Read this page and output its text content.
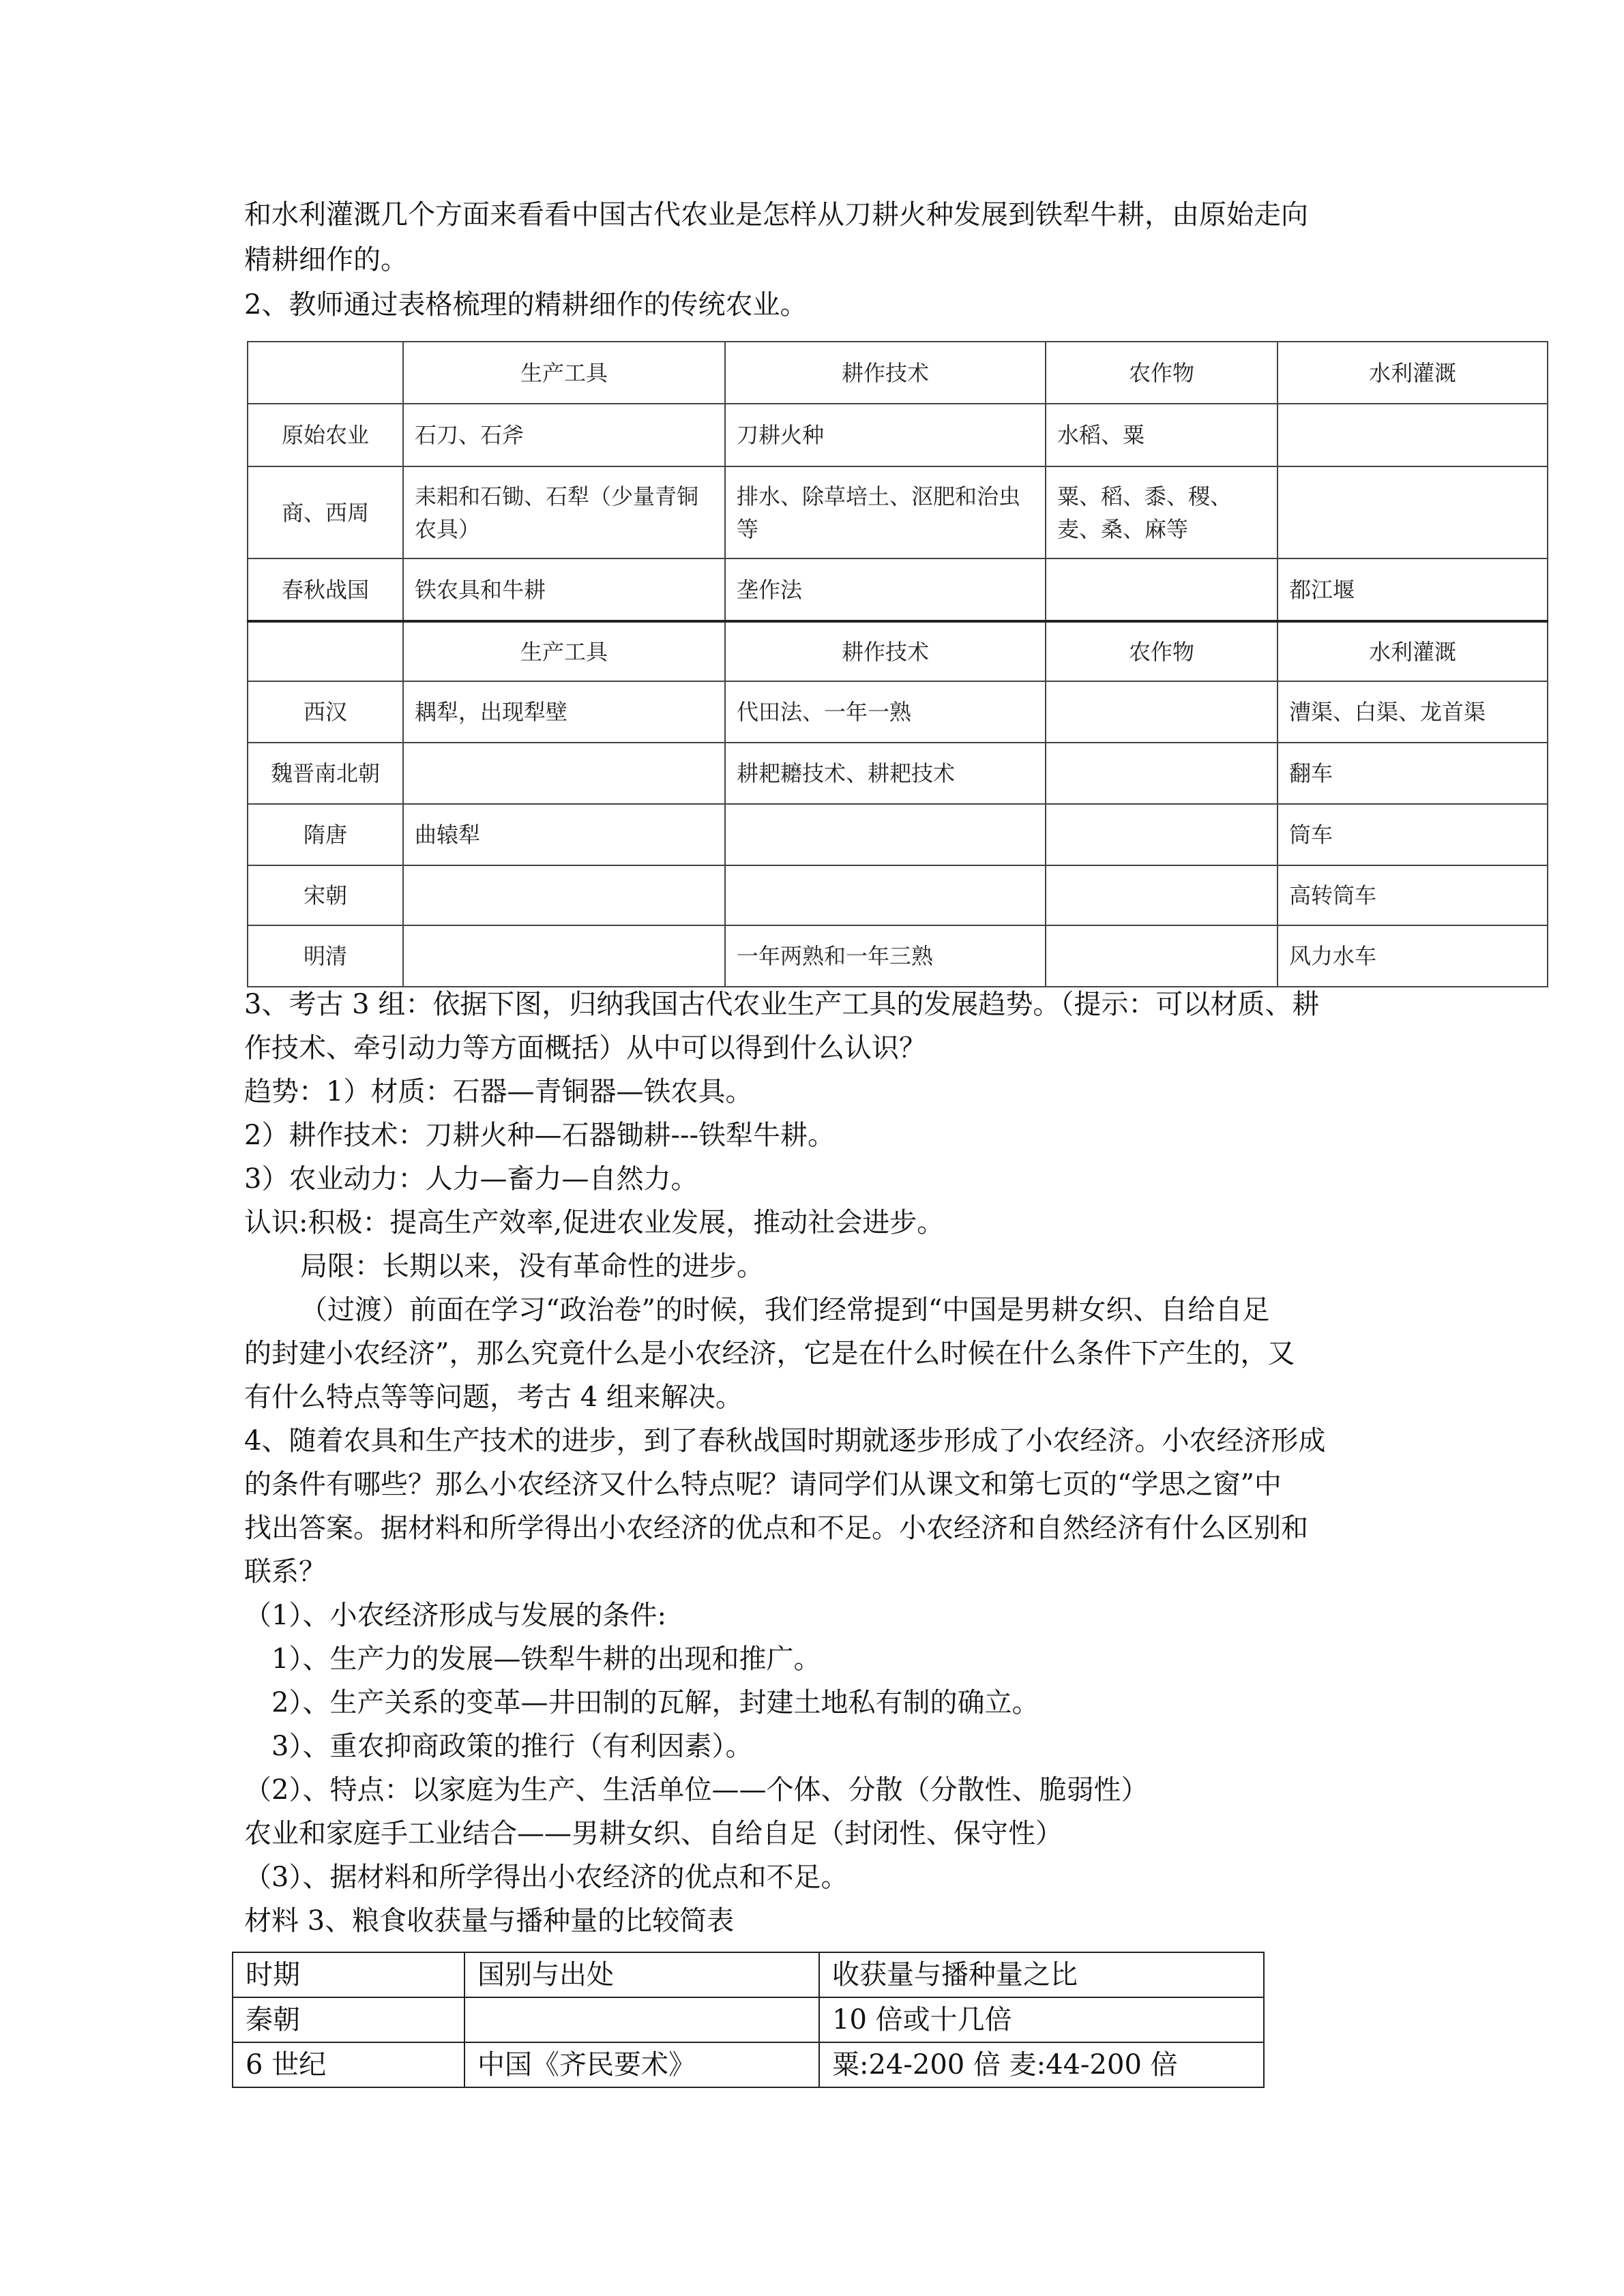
和水利灌溉几个方面来看看中国古代农业是怎样从刀耕火种发展到铁犁牛耕，由原始走向
精耕细作的。
2、教师通过表格梳理的精耕细作的传统农业。
	生产工具	耕作技术	农作物	水利灌溉
原始农业	石刀、石斧	刀耕火种	水稻、粟	
商、西周	耒耜和石锄、石犁（少量青铜农具）	排水、除草培土、沤肥和治虫等	粟、稻、黍、稷、麦、桑、麻等	
春秋战国	铁农具和牛耕	垄作法		都江堰
	生产工具	耕作技术	农作物	水利灌溉
西汉	耦犁，出现犁壁	代田法、一年一熟		漕渠、白渠、龙首渠
魏晋南北朝		耕耙耱技术、耕耙技术		翻车
隋唐	曲辕犁			筒车
宋朝				高转筒车
明清		一年两熟和一年三熟		风力水车
3、考古 3 组：依据下图，归纳我国古代农业生产工具的发展趋势。（提示：可以材质、耕
作技术、牵引动力等方面概括）从中可以得到什么认识？
趋势：1）材质：石器—青铜器—铁农具。
2）耕作技术：刀耕火种—石器锄耕---铁犁牛耕。
3）农业动力：人力—畜力—自然力。
认识:积极：提高生产效率,促进农业发展，推动社会进步。
局限：长期以来，没有革命性的进步。
（过渡）前面在学习“政治卷”的时候，我们经常提到“中国是男耕女织、自给自足
的封建小农经济”，那么究竟什么是小农经济，它是在什么时候在什么条件下产生的，又
有什么特点等等问题，考古 4 组来解决。
4、随着农具和生产技术的进步，到了春秋战国时期就逐步形成了小农经济。小农经济形成
的条件有哪些？那么小农经济又什么特点呢？请同学们从课文和第七页的“学思之窗”中
找出答案。据材料和所学得出小农经济的优点和不足。小农经济和自然经济有什么区别和
联系？
（1）、小农经济形成与发展的条件:
1）、生产力的发展—铁犁牛耕的出现和推广。
2）、生产关系的变革—井田制的瓦解，封建土地私有制的确立。
3）、重农抑商政策的推行（有利因素）。
（2）、特点：以家庭为生产、生活单位——个体、分散（分散性、脆弱性）
农业和家庭手工业结合——男耕女织、自给自足（封闭性、保守性）
（3）、据材料和所学得出小农经济的优点和不足。
时期	国别与出处	收获量与播种量之比
秦朝		10 倍或十几倍
6 世纪	中国《齐民要术》	粟:24-200 倍 麦:44-200 倍
材料 3、粮食收获量与播种量的比较简表
